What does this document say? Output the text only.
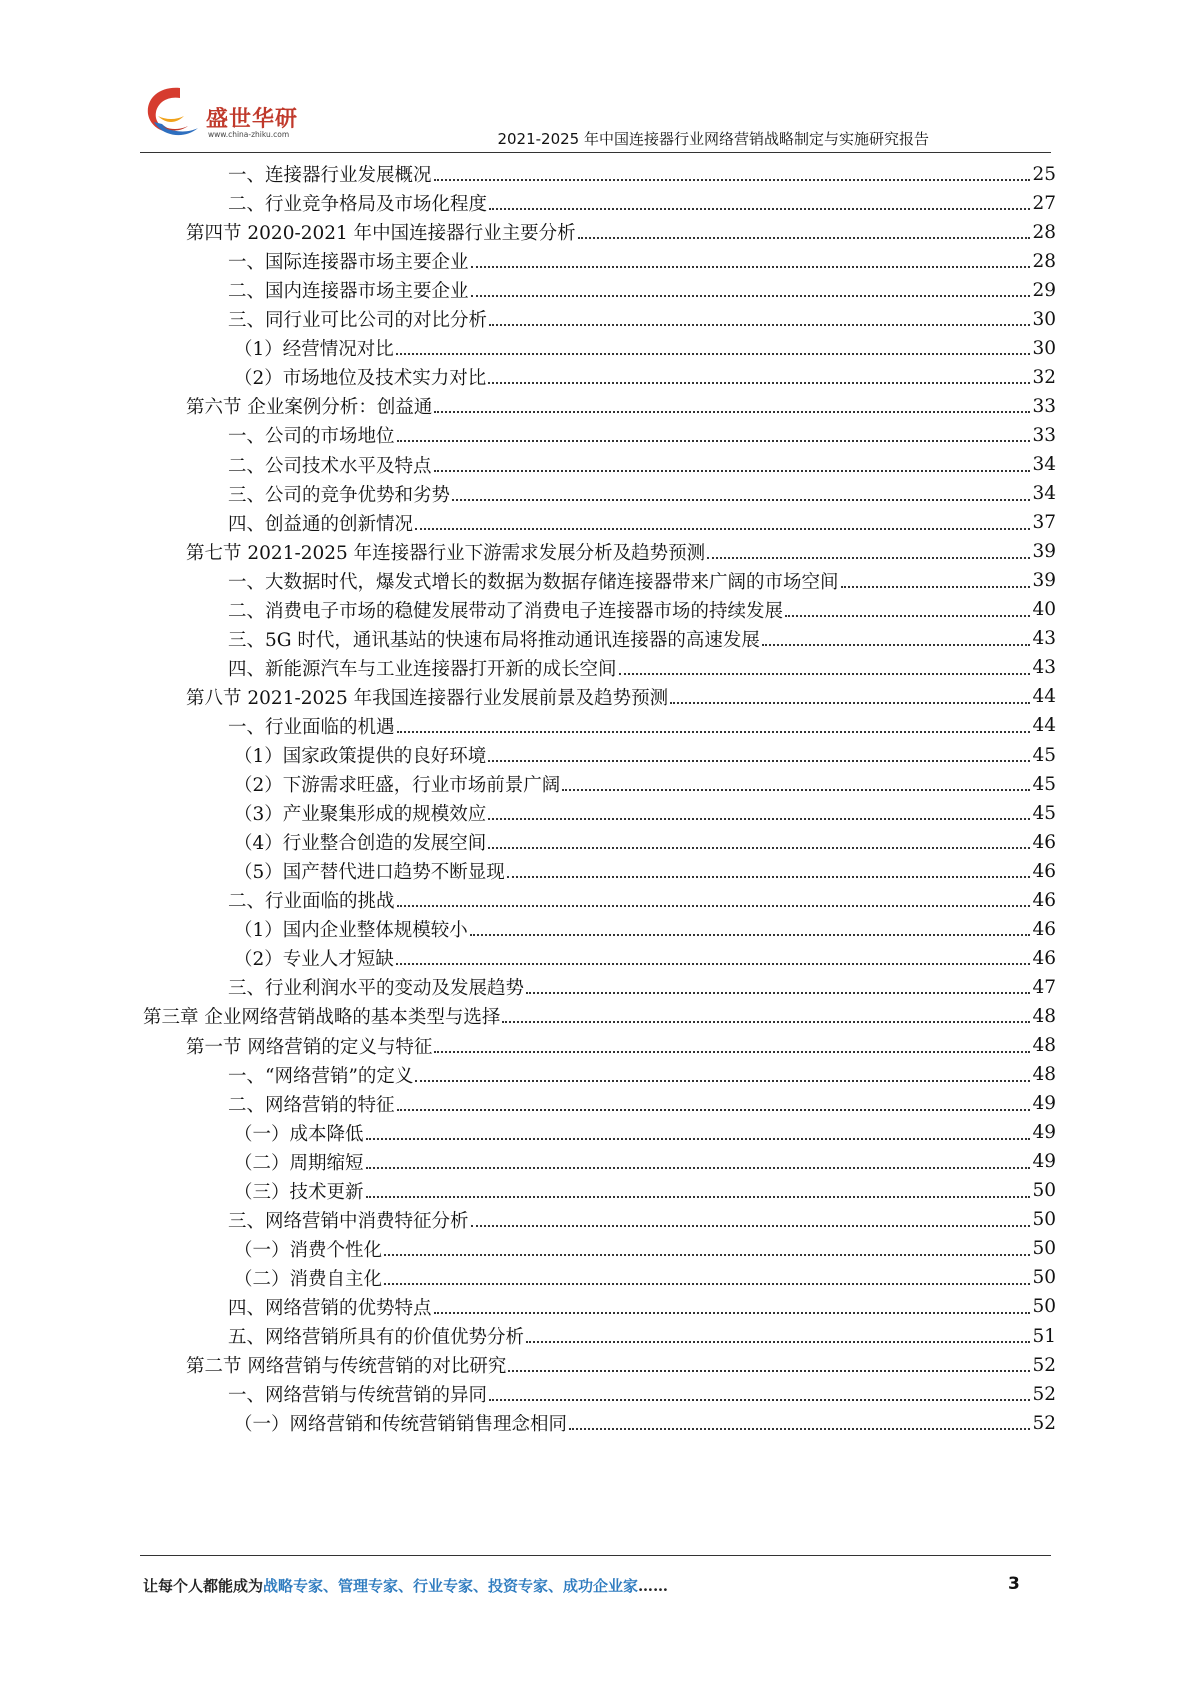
盛世华研
www.china-zhiku.com	2021-2025 年中国连接器行业网络营销战略制定与实施研究报告
一、连接器行业发展概况	25
二、行业竞争格局及市场化程度	27
第四节 2020-2021 年中国连接器行业主要分析	28
一、国际连接器市场主要企业	28
二、国内连接器市场主要企业	29
三、同行业可比公司的对比分析	30
（1）经营情况对比	30
（2）市场地位及技术实力对比	32
第六节 企业案例分析：创益通	33
一、公司的市场地位	33
二、公司技术水平及特点	34
三、公司的竞争优势和劣势	34
四、创益通的创新情况	37
第七节 2021-2025 年连接器行业下游需求发展分析及趋势预测	39
一、大数据时代，爆发式增长的数据为数据存储连接器带来广阔的市场空间	39
二、消费电子市场的稳健发展带动了消费电子连接器市场的持续发展	40
三、5G 时代，通讯基站的快速布局将推动通讯连接器的高速发展	43
四、新能源汽车与工业连接器打开新的成长空间	43
第八节 2021-2025 年我国连接器行业发展前景及趋势预测	44
一、行业面临的机遇	44
（1）国家政策提供的良好环境	45
（2）下游需求旺盛，行业市场前景广阔	45
（3）产业聚集形成的规模效应	45
（4）行业整合创造的发展空间	46
（5）国产替代进口趋势不断显现	46
二、行业面临的挑战	46
（1）国内企业整体规模较小	46
（2）专业人才短缺	46
三、行业利润水平的变动及发展趋势	47
第三章 企业网络营销战略的基本类型与选择	48
第一节 网络营销的定义与特征	48
一、“网络营销”的定义	48
二、网络营销的特征	49
（一）成本降低	49
（二）周期缩短	49
（三）技术更新	50
三、网络营销中消费特征分析	50
（一）消费个性化	50
（二）消费自主化	50
四、网络营销的优势特点	50
五、网络营销所具有的价值优势分析	51
第二节 网络营销与传统营销的对比研究	52
一、网络营销与传统营销的异同	52
（一）网络营销和传统营销销售理念相同	52
让每个人都能成为战略专家、管理专家、行业专家、投资专家、成功企业家……	3
